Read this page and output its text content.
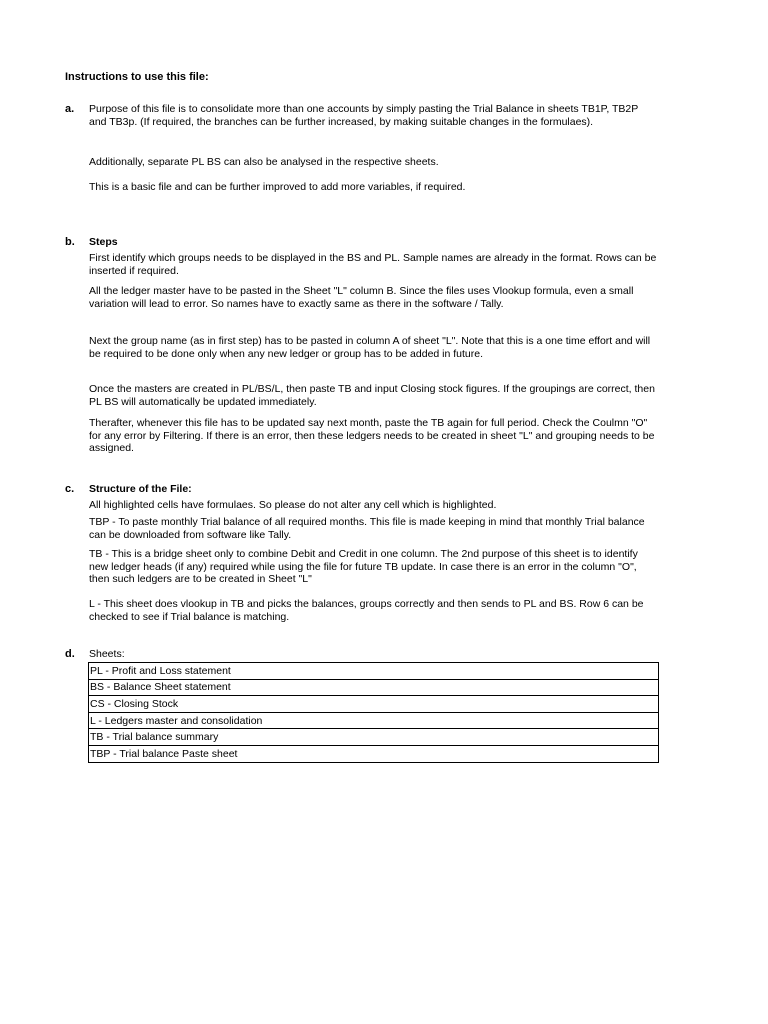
Instructions to use this file:
a. Purpose of this file is to consolidate more than one accounts by simply pasting the Trial Balance in sheets TB1P, TB2P and TB3p. (If required, the branches can be further increased, by making suitable changes in the formulaes).
Additionally, separate PL BS can also be analysed in the respective sheets.
This is a basic file and can be further improved to add more variables, if required.
b. Steps
First identify which groups needs to be displayed in the BS and PL. Sample names are already in the format. Rows can be inserted if required.
All the ledger master have to be pasted in the Sheet "L" column B. Since the files uses Vlookup formula, even a small variation will lead to error. So names have to exactly same as there in the software / Tally.
Next the group name (as in first step) has to be pasted in column A of sheet "L". Note that this is a one time effort and will be required to be done only when any new ledger or group has to be added in future.
Once the masters are created in PL/BS/L, then paste TB and input Closing stock figures. If the groupings are correct, then PL BS will automatically be updated immediately.
Therafter, whenever this file has to be updated say next month, paste the TB again for full period. Check the Coulmn "O" for any error by Filtering. If there is an error, then these ledgers needs to be created in sheet "L" and grouping needs to be assigned.
c. Structure of the File:
All highlighted cells have formulaes. So please do not alter any cell which is highlighted.
TBP - To paste monthly Trial balance of all required months. This file is made keeping in mind that monthly Trial balance can be downloaded from software like Tally.
TB - This is a bridge sheet only to combine Debit and Credit in one column. The 2nd purpose of this sheet is to identify new ledger heads (if any) required while using the file for future TB update. In case there is an error in the column "O", then such ledgers are to be created in Sheet "L"
L - This sheet does vlookup in TB and picks the balances, groups correctly and then sends to PL and BS. Row 6 can be checked to see if Trial balance is matching.
d. Sheets:
PL - Profit and Loss statement
BS - Balance Sheet statement
CS - Closing Stock
L - Ledgers master and consolidation
TB - Trial balance summary
TBP - Trial balance Paste sheet
